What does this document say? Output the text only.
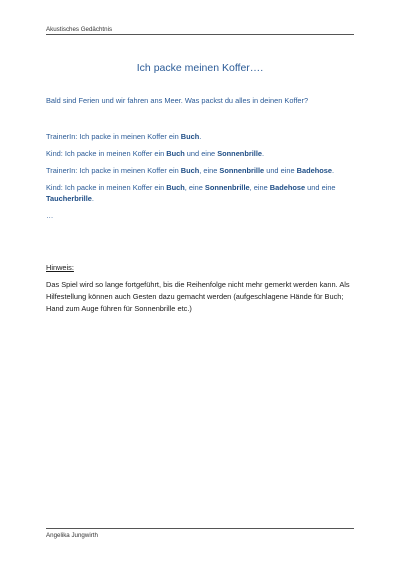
Akustisches Gedächtnis
Ich packe meinen Koffer….
Bald sind Ferien und wir fahren ans Meer. Was packst du alles in deinen Koffer?

TrainerIn: Ich packe in meinen Koffer ein Buch.

Kind: Ich packe in meinen Koffer ein Buch und eine Sonnenbrille.

TrainerIn: Ich packe in meinen Koffer ein Buch, eine Sonnenbrille und eine Badehose.

Kind: Ich packe in meinen Koffer ein Buch, eine Sonnenbrille, eine Badehose und eine Taucherbrille.

…

Hinweis:
Das Spiel wird so lange fortgeführt, bis die Reihenfolge nicht mehr gemerkt werden kann. Als Hilfestellung können auch Gesten dazu gemacht werden (aufgeschlagene Hände für Buch; Hand zum Auge führen für Sonnenbrille etc.)
Angelika Jungwirth
